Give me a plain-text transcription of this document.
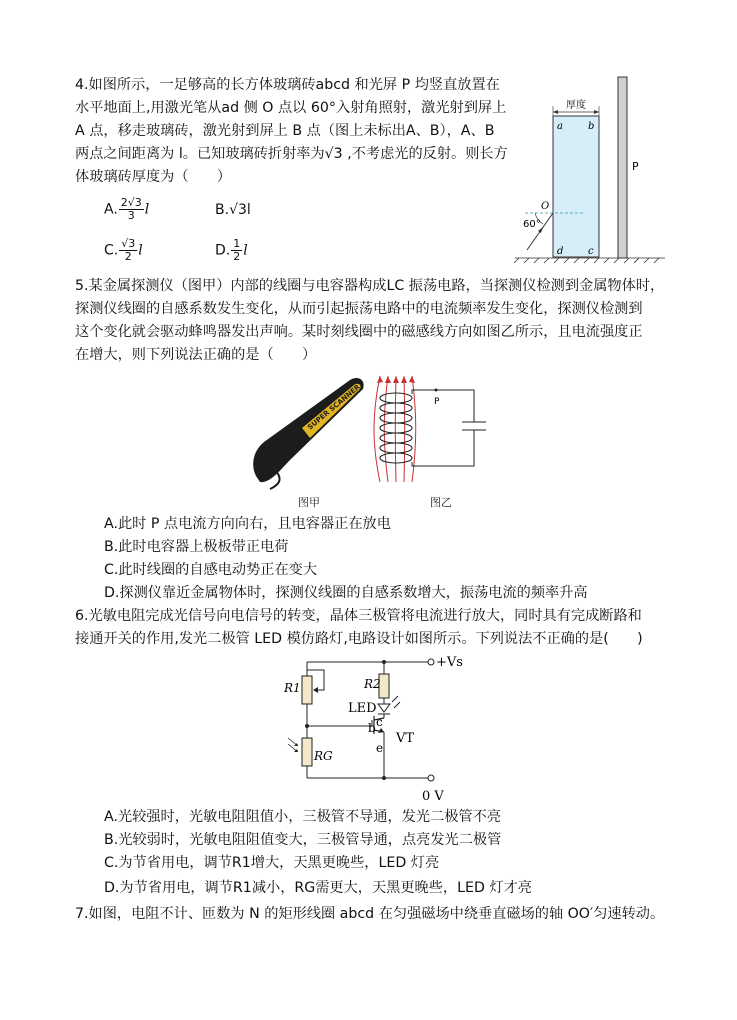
4.如图所示，一足够高的长方体玻璃砖abcd 和光屏 P 均竖直放置在
水平地面上,用激光笔从ad 侧 O 点以 60°入射角照射，激光射到屏上
A 点，移走玻璃砖，激光射到屏上 B 点（图上未标出A、B），A、B
两点之间距离为 l。已知玻璃砖折射率为√3 ,不考虑光的反射。则长方
体玻璃砖厚度为（　　）
A. $\frac{2√3}{3}$ l	B.√3l
C. $\frac{√3}{2}$ l	D. $\frac{1}{2}$ l
厚度
a	b
d c
O
60°
P
5.某金属探测仪（图甲）内部的线圈与电容器构成LC 振荡电路，当探测仪检测到金属物体时，
探测仪线圈的自感系数发生变化，从而引起振荡电路中的电流频率发生变化，探测仪检测到
这个变化就会驱动蜂鸣器发出声响。某时刻线圈中的磁感线方向如图乙所示，且电流强度正
在增大，则下列说法正确的是（　　）
SUPER SCANNER
图甲
P
图乙
A.此时 P 点电流方向向右，且电容器正在放电
B.此时电容器上极板带正电荷
C.此时线圈的自感电动势正在变大
D.探测仪靠近金属物体时，探测仪线圈的自感系数增大，振荡电流的频率升高
6.光敏电阻完成光信号向电信号的转变，晶体三极管将电流进行放大，同时具有完成断路和
接通开关的作用,发光二极管 LED 模仿路灯,电路设计如图所示。下列说法不正确的是(　　)
+Vs
R1	R2
LED
b c
e
VT
RG
0 V
A.光较强时，光敏电阻阻值小，三极管不导通，发光二极管不亮
B.光较弱时，光敏电阻阻值变大，三极管导通，点亮发光二极管
C.为节省用电，调节R1增大，天黑更晚些，LED 灯亮
D.为节省用电，调节R1减小，RG需更大，天黑更晚些，LED 灯才亮
7.如图，电阻不计、匝数为 N 的矩形线圈 abcd 在匀强磁场中绕垂直磁场的轴 OO′匀速转动。
